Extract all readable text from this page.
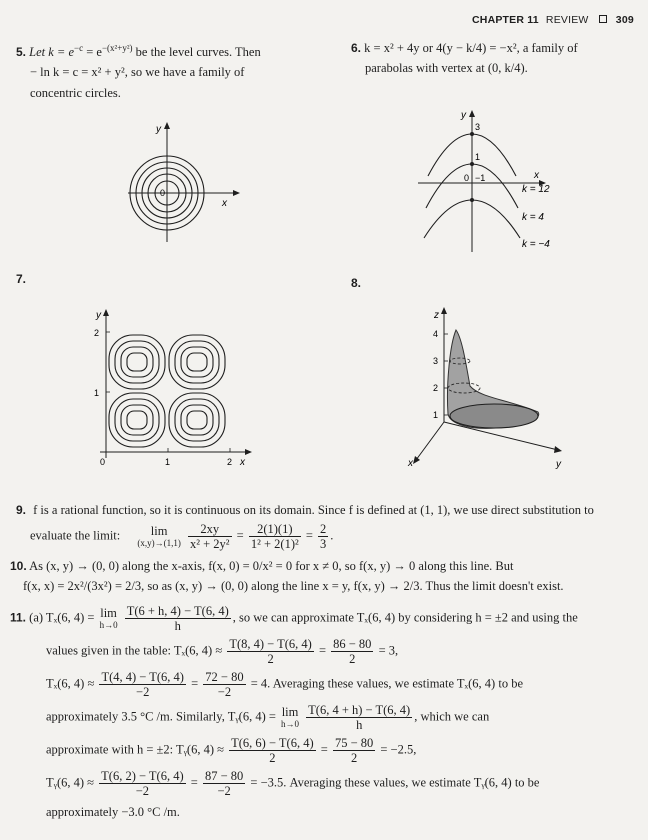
CHAPTER 11 REVIEW	309
5. Let $k = e^{-c} = e^{-(x^2+y^2)}$ be the level curves. Then
− ln k = c = x² + y², so we have a family of
concentric circles.
y
x
0
6. k = x² + 4y or 4(y − k/4) = −x², a family of
parabolas with vertex at (0, k/4).
y
x
3
1
0 −1
k = 12
k = 4
k = −4
7.
y
2
1
0	1	2 x
8.
z
4
3
2
1
x	y
9. f is a rational function, so it is continuous on its domain. Since f is defined at (1, 1), we use direct substitution to
evaluate the limit:	lim
(x,y)→(1,1)
$\frac{2xy}{\text{x² + 2y²}} = \frac{2(1)(1)}{\text{1² + 2(1)²}} = \frac{2}{3}$ .
10. As (x, y) → (0, 0) along the x-axis, f(x, 0) = 0/x² = 0 for x ≠ 0, so f(x, y) → 0 along this line. But
f(x, x) = 2x²/(3x²) = 2/3, so as (x, y) → (0, 0) along the line x = y, f(x, y) → 2/3. Thus the limit doesn't exist.
11. (a) Tₓ(6, 4) = lim
h→0
$\frac{T(6 + h, 4) - T(6, 4)}{h}$ , so we can approximate Tₓ(6, 4) by considering h = ±2 and using the
values given in the table: Tₓ(6, $4) \approx \frac{T(8, 4) - T(6, 4)}{2} = \frac{86 - 80}{2} = 3$,
Tₓ(6, $4) \approx \frac{T(4, 4) - T(6, 4)}{-2} = \frac{72 - 80}{-2} = 4$. Averaging these values, we estimate Tₓ(6, 4) to be
approximately 3.5 °C /m. Similarly, Tᵧ(6, 4) = lim
h→0
$\frac{T(6, 4 + h) - T(6, 4)}{h}$ , which we can
approximate with h = ±2: Tᵧ(6, $4) \approx \frac{T(6, 6) - T(6, 4)}{2} = \frac{75 - 80}{2} = -2.5$,
Tᵧ(6, $4) \approx \frac{T(6, 2) - T(6, 4)}{-2} = \frac{87 - 80}{-2} = -3.5$. Averaging these values, we estimate Tᵧ(6, 4) to be
approximately −3.0 °C /m.
